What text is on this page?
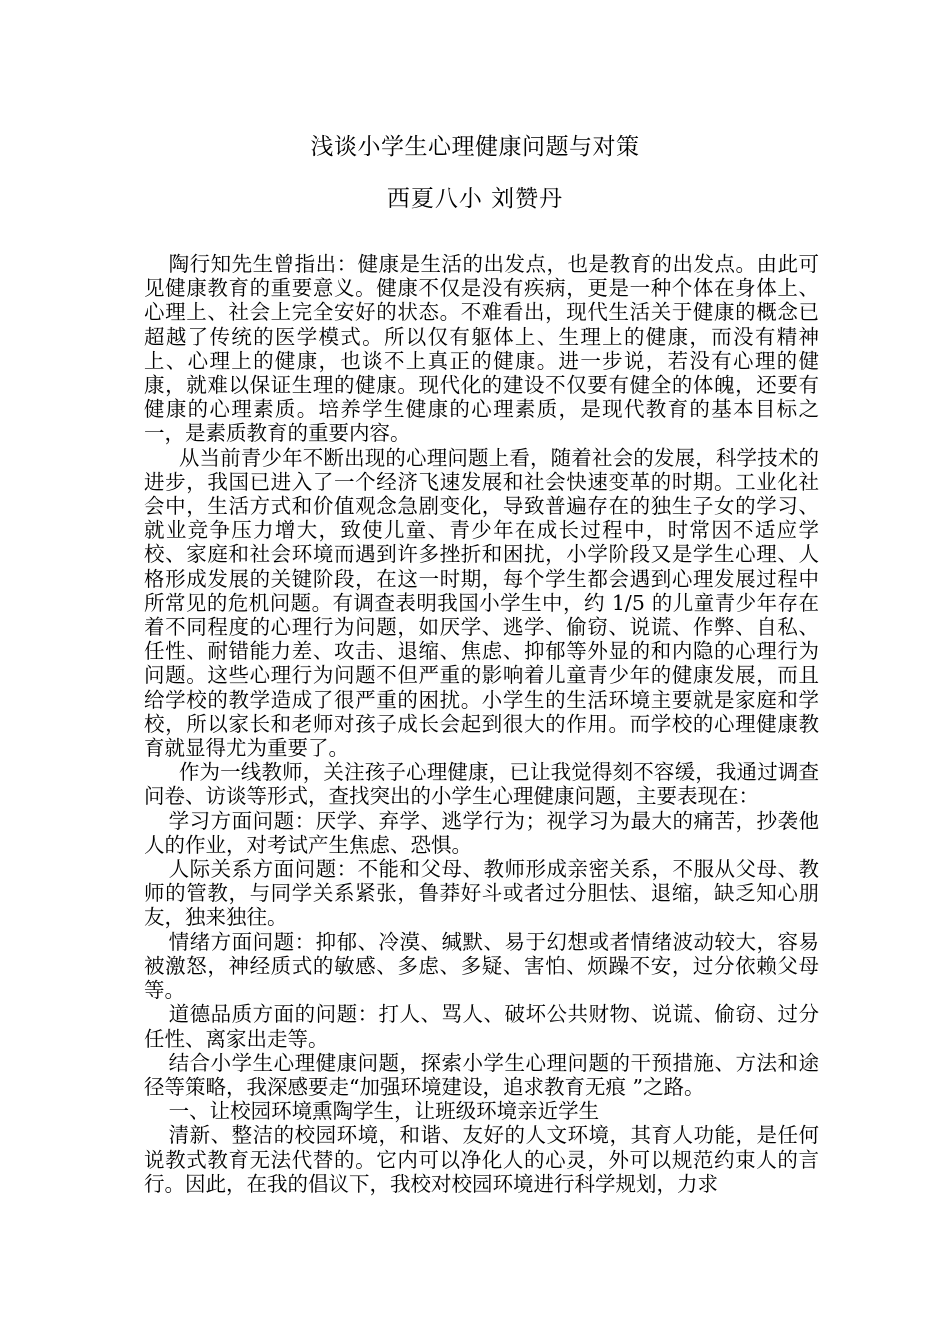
浅谈小学生心理健康问题与对策
西夏八小 刘赞丹

陶行知先生曾指出：健康是生活的出发点，也是教育的出发点。由此可见健康教育的重要意义。健康不仅是没有疾病，更是一种个体在身体上、心理上、社会上完全安好的状态。不难看出，现代生活关于健康的概念已超越了传统的医学模式。所以仅有躯体上、生理上的健康，而没有精神上、心理上的健康，也谈不上真正的健康。进一步说，若没有心理的健康，就难以保证生理的健康。现代化的建设不仅要有健全的体魄，还要有健康的心理素质。培养学生健康的心理素质，是现代教育的基本目标之一，是素质教育的重要内容。

从当前青少年不断出现的心理问题上看，随着社会的发展，科学技术的进步，我国已进入了一个经济飞速发展和社会快速变革的时期。工业化社会中，生活方式和价值观念急剧变化，导致普遍存在的独生子女的学习、就业竞争压力增大，致使儿童、青少年在成长过程中，时常因不适应学校、家庭和社会环境而遇到许多挫折和困扰，小学阶段又是学生心理、人格形成发展的关键阶段，在这一时期，每个学生都会遇到心理发展过程中所常见的危机问题。有调查表明我国小学生中，约 1/5 的儿童青少年存在着不同程度的心理行为问题，如厌学、逃学、偷窃、说谎、作弊、自私、任性、耐错能力差、攻击、退缩、焦虑、抑郁等外显的和内隐的心理行为问题。这些心理行为问题不但严重的影响着儿童青少年的健康发展，而且给学校的教学造成了很严重的困扰。小学生的生活环境主要就是家庭和学校，所以家长和老师对孩子成长会起到很大的作用。而学校的心理健康教育就显得尤为重要了。

作为一线教师，关注孩子心理健康，已让我觉得刻不容缓，我通过调查问卷、访谈等形式，查找突出的小学生心理健康问题，主要表现在：

学习方面问题：厌学、弃学、逃学行为；视学习为最大的痛苦，抄袭他人的作业，对考试产生焦虑、恐惧。

人际关系方面问题：不能和父母、教师形成亲密关系，不服从父母、教师的管教，与同学关系紧张，鲁莽好斗或者过分胆怯、退缩，缺乏知心朋友，独来独往。

情绪方面问题：抑郁、冷漠、缄默、易于幻想或者情绪波动较大，容易被激怒，神经质式的敏感、多虑、多疑、害怕、烦躁不安，过分依赖父母等。

道德品质方面的问题：打人、骂人、破坏公共财物、说谎、偷窃、过分任性、离家出走等。

结合小学生心理健康问题，探索小学生心理问题的干预措施、方法和途径等策略，我深感要走“加强环境建设，追求教育无痕 ”之路。

一、让校园环境熏陶学生，让班级环境亲近学生

清新、整洁的校园环境，和谐、友好的人文环境，其育人功能，是任何说教式教育无法代替的。它内可以净化人的心灵，外可以规范约束人的言行。因此，在我的倡议下，我校对校园环境进行科学规划，力求
